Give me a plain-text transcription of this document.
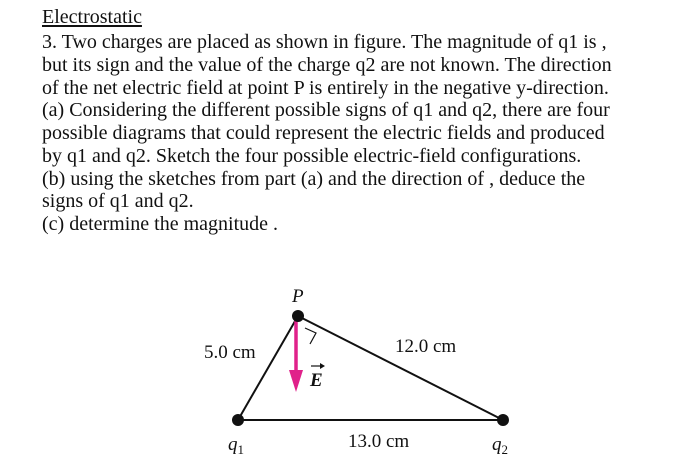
Electrostatic
3. Two charges are placed as shown in figure. The magnitude of q1 is ,
but its sign and the value of the charge q2 are not known. The direction
of the net electric field at point P is entirely in the negative y-direction.
(a) Considering the different possible signs of q1 and q2, there are four
possible diagrams that could represent the electric fields and produced
by q1 and q2. Sketch the four possible electric-field configurations.
(b) using the sketches from part (a) and the direction of , deduce the
signs of q1 and q2.
(c) determine the magnitude .
P
E
5.0 cm	12.0 cm
13.0 cm
$q_1$	$q_2$
